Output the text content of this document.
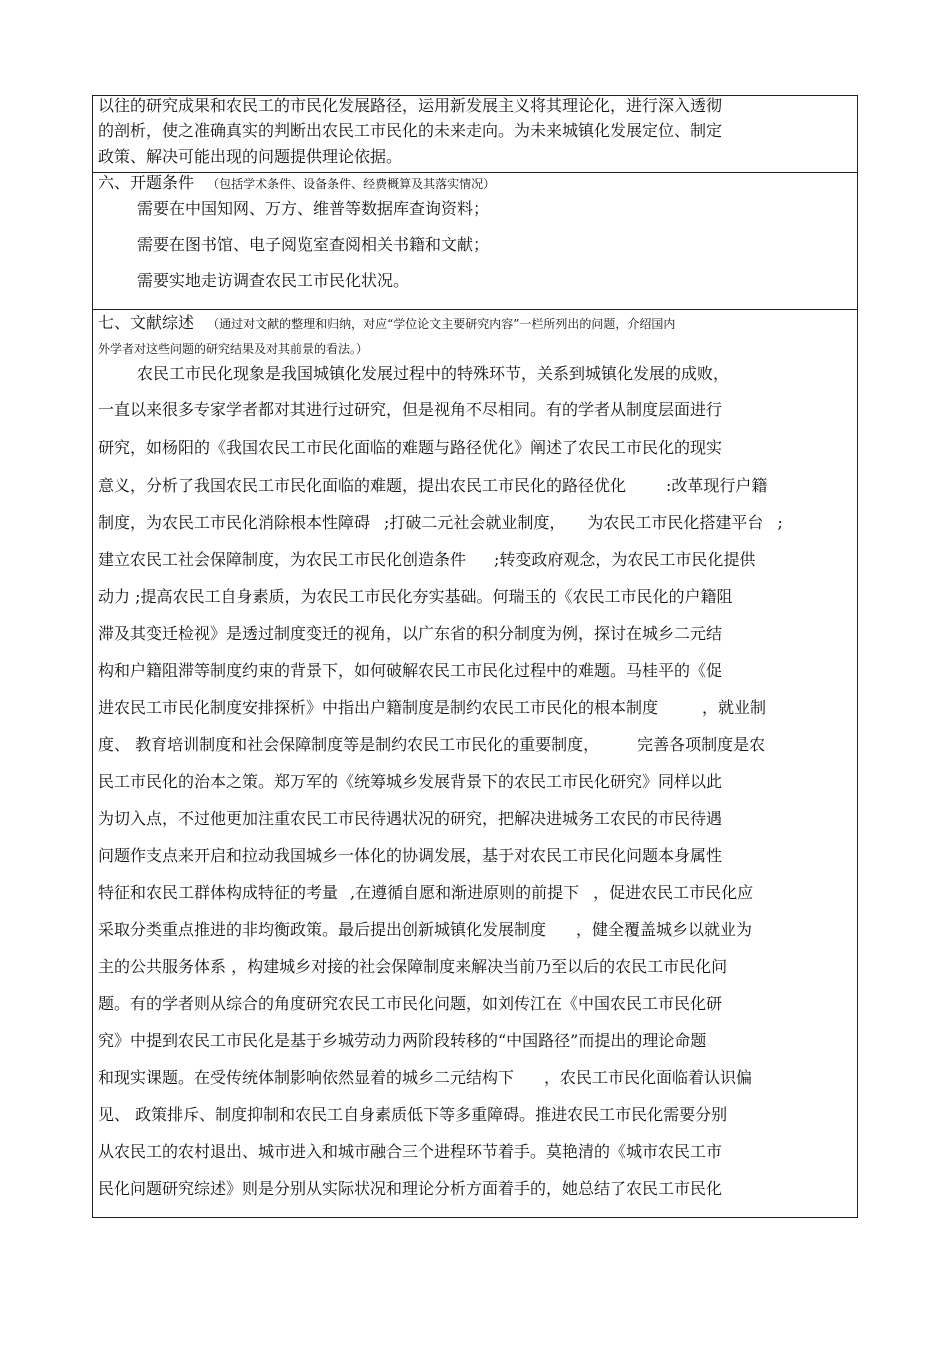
以往的研究成果和农民工的市民化发展路径，运用新发展主义将其理论化，进行深入透彻
的剖析，使之准确真实的判断出农民工市民化的未来走向。为未来城镇化发展定位、制定
政策、解决可能出现的问题提供理论依据。
六、开题条件 （包括学术条件、设备条件、经费概算及其落实情况）
需要在中国知网、万方、维普等数据库查询资料；
需要在图书馆、电子阅览室查阅相关书籍和文献；
需要实地走访调查农民工市民化状况。
七、文献综述 （通过对文献的整理和归纳，对应“学位论文主要研究内容”一栏所列出的问题，介绍国内
外学者对这些问题的研究结果及对其前景的看法。）
农民工市民化现象是我国城镇化发展过程中的特殊环节，关系到城镇化发展的成败，
一直以来很多专家学者都对其进行过研究，但是视角不尽相同。有的学者从制度层面进行
研究，如杨阳的《我国农民工市民化面临的难题与路径优化》阐述了农民工市民化的现实
意义，分析了我国农民工市民化面临的难题，提出农民工市民化的路径优化	:改革现行户籍
制度，为农民工市民化消除根本性障碍 ;打破二元社会就业制度， 为农民工市民化搭建平台 ;
建立农民工社会保障制度，为农民工市民化创造条件 ;转变政府观念，为农民工市民化提供
动力 ;提高农民工自身素质，为农民工市民化夯实基础。何瑞玉的《农民工市民化的户籍阻
滞及其变迁检视》是透过制度变迁的视角，以广东省的积分制度为例，探讨在城乡二元结
构和户籍阻滞等制度约束的背景下，如何破解农民工市民化过程中的难题。马桂平的《促
进农民工市民化制度安排探析》中指出户籍制度是制约农民工市民化的根本制度	，就业制
度、 教育培训制度和社会保障制度等是制约农民工市民化的重要制度， 完善各项制度是农
民工市民化的治本之策。郑万军的《统筹城乡发展背景下的农民工市民化研究》同样以此
为切入点，不过他更加注重农民工市民待遇状况的研究，把解决进城务工农民的市民待遇
问题作支点来开启和拉动我国城乡一体化的协调发展，基于对农民工市民化问题本身属性
特征和农民工群体构成特征的考量 ,在遵循自愿和渐进原则的前提下 ，促进农民工市民化应
采取分类重点推进的非均衡政策。最后提出创新城镇化发展制度 ，健全覆盖城乡以就业为
主的公共服务体系 ，构建城乡对接的社会保障制度来解决当前乃至以后的农民工市民化问
题。有的学者则从综合的角度研究农民工市民化问题，如刘传江在《中国农民工市民化研
究》中提到农民工市民化是基于乡城劳动力两阶段转移的“中国路径”而提出的理论命题
和现实课题。在受传统体制影响依然显着的城乡二元结构下 ，农民工市民化面临着认识偏
见、 政策排斥、制度抑制和农民工自身素质低下等多重障碍。推进农民工市民化需要分别
从农民工的农村退出、城市进入和城市融合三个进程环节着手。莫艳清的《城市农民工市
民化问题研究综述》则是分别从实际状况和理论分析方面着手的，她总结了农民工市民化
